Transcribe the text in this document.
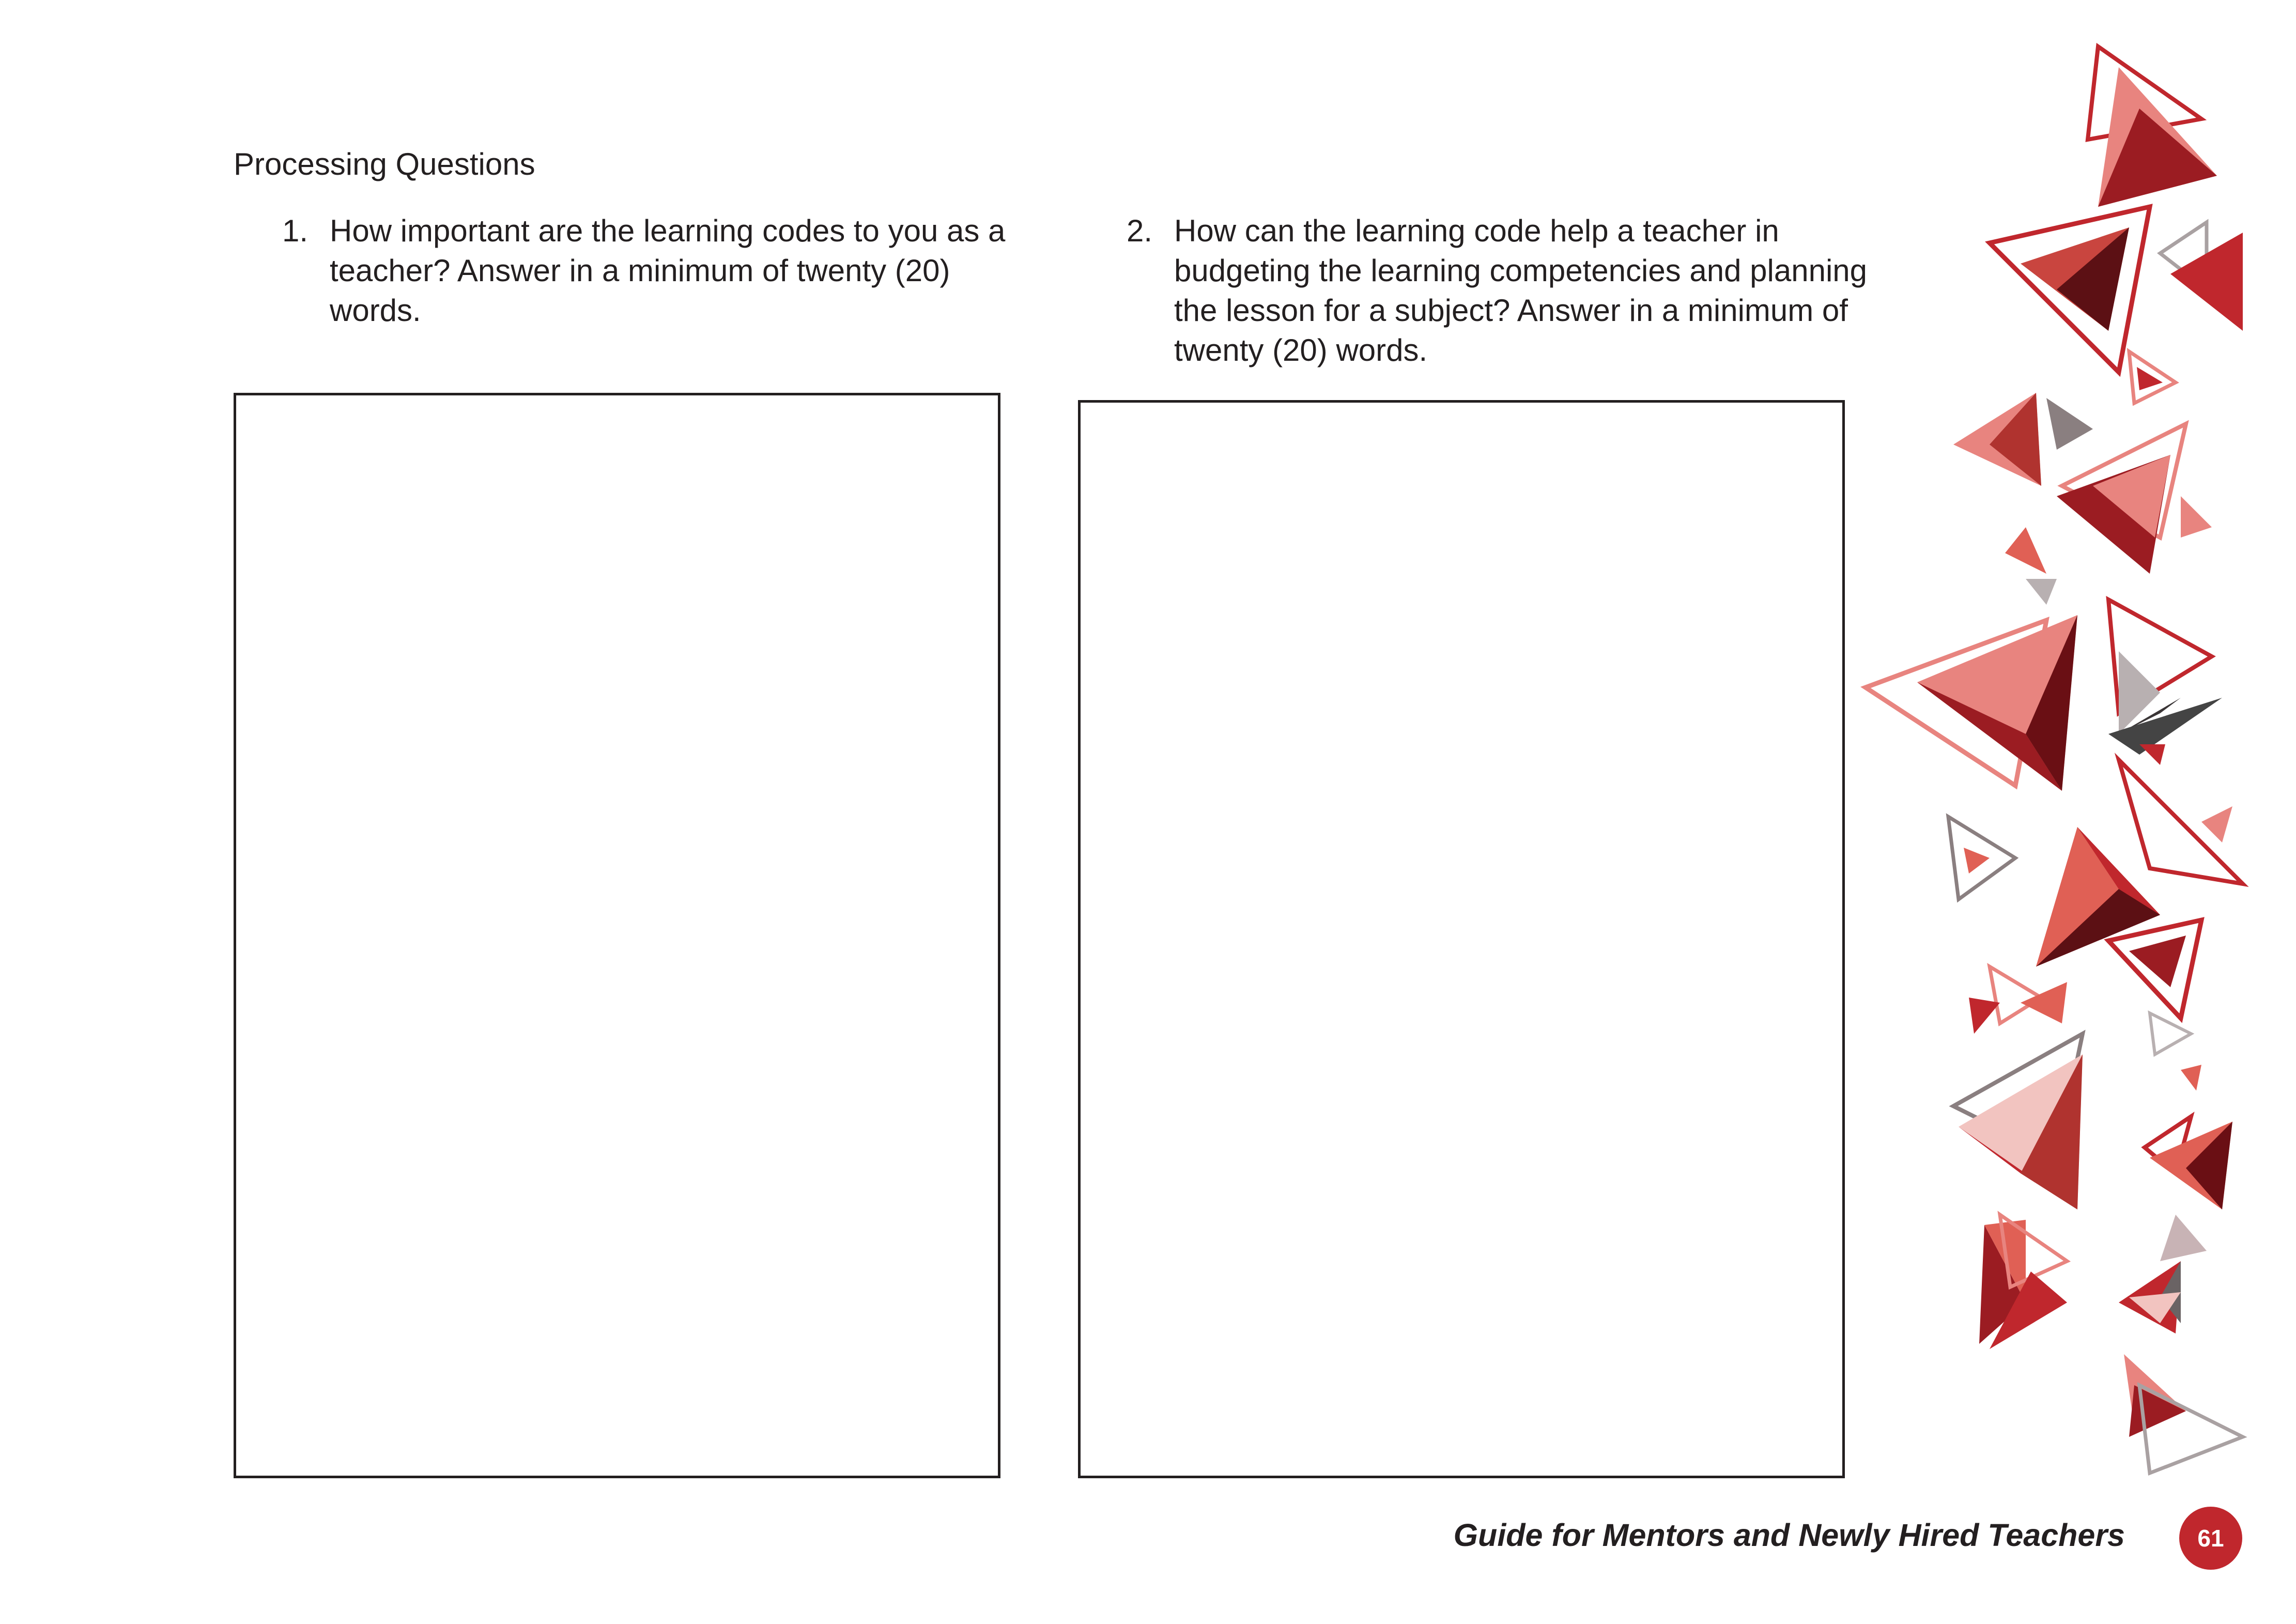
Processing Questions
1. How important are the learning codes to you as a teacher? Answer in a minimum of twenty (20) words.
2. How can the learning code help a teacher in budgeting the learning competencies and planning the lesson for a subject? Answer in a minimum of twenty (20) words.
Guide for Mentors and Newly Hired Teachers	61
